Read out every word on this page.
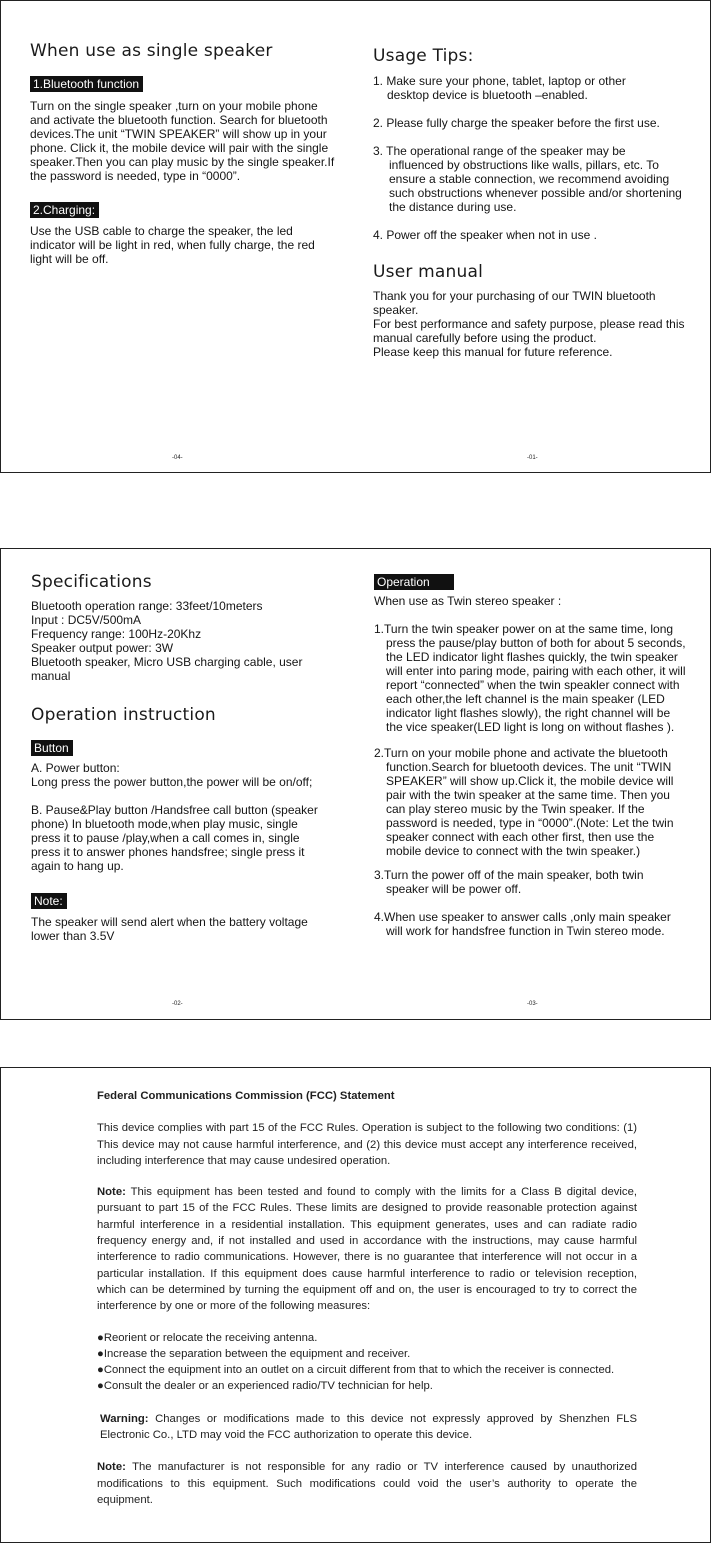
When use as single speaker
1.Bluetooth function
Turn on the single speaker ,turn on your mobile phone and activate the bluetooth function. Search for bluetooth devices.The unit “TWIN SPEAKER” will show up in your phone. Click it, the mobile device will pair with the single speaker.Then you can play music by the single speaker.If the password is needed, type in “0000”.
2.Charging:
Use the USB cable to charge the speaker, the led indicator will be light in red, when fully charge, the red light will be off.
-04-
Usage Tips:

1. Make sure your phone, tablet, laptop or other
desktop device is bluetooth –enabled.

2. Please fully charge the speaker before the first use.

3. The operational range of the speaker may be

influenced by obstructions like walls, pillars, etc. To ensure a stable connection, we recommend avoiding such obstructions whenever possible and/or shortening the distance during use.

4. Power off the speaker when not in use .

User manual
Thank you for your purchasing of our TWIN bluetooth speaker.
For best performance and safety purpose, please read this manual carefully before using the product.
Please keep this manual for future reference.
-01-
Specifications
Bluetooth operation range: 33feet/10meters
Input : DC5V/500mA
Frequency range: 100Hz-20Khz
Speaker output power: 3W
Bluetooth speaker, Micro USB charging cable, user manual
Operation instruction
Button
A. Power button:
Long press the power button,the power will be on/off;
B. Pause&Play button /Handsfree call button (speaker phone) In bluetooth mode,when play music, single press it to pause /play,when a call comes in, single press it to answer phones handsfree; single press it again to hang up.
Note:
The speaker will send alert when the battery voltage lower than 3.5V
-02-
Operation
When use as Twin stereo speaker :
1.Turn the twin speaker power on at the same time, long press the pause/play button of both for about 5 seconds, the LED indicator light flashes quickly, the twin speaker will enter into paring mode, pairing with each other, it will report “connected” when the twin speakler connect with each other,the left channel is the main speaker (LED indicator light flashes slowly), the right channel will be the vice speaker(LED light is long on without flashes ).
2.Turn on your mobile phone and activate the bluetooth function.Search for bluetooth devices. The unit “TWIN SPEAKER” will show up.Click it, the mobile device will pair with the twin speaker at the same time. Then you can play stereo music by the Twin speaker. If the password is needed, type in “0000”.(Note: Let the twin speaker connect with each other first, then use the mobile device to connect with the twin speaker.)
3.Turn the power off of the main speaker, both twin speaker will be power off.
4.When use speaker to answer calls ,only main speaker will work for handsfree function in Twin stereo mode.
-03-

Federal Communications Commission (FCC) Statement

This device complies with part 15 of the FCC Rules. Operation is subject to the following two conditions: (1) This device may not cause harmful interference, and (2) this device must accept any interference received, including interference that may cause undesired operation.

Note: This equipment has been tested and found to comply with the limits for a Class B digital device, pursuant to part 15 of the FCC Rules. These limits are designed to provide reasonable protection against harmful interference in a residential installation. This equipment generates, uses and can radiate radio frequency energy and, if not installed and used in accordance with the instructions, may cause harmful interference to radio communications. However, there is no guarantee that interference will not occur in a particular installation. If this equipment does cause harmful interference to radio or television reception, which can be determined by turning the equipment off and on, the user is encouraged to try to correct the interference by one or more of the following measures:

●Reorient or relocate the receiving antenna.

●Increase the separation between the equipment and receiver.

●Connect the equipment into an outlet on a circuit different from that to which the receiver is connected.

●Consult the dealer or an experienced radio/TV technician for help.

Warning: Changes or modifications made to this device not expressly approved by Shenzhen FLS Electronic Co., LTD may void the FCC authorization to operate this device.

Note: The manufacturer is not responsible for any radio or TV interference caused by unauthorized modifications to this equipment. Such modifications could void the user’s authority to operate the equipment.
